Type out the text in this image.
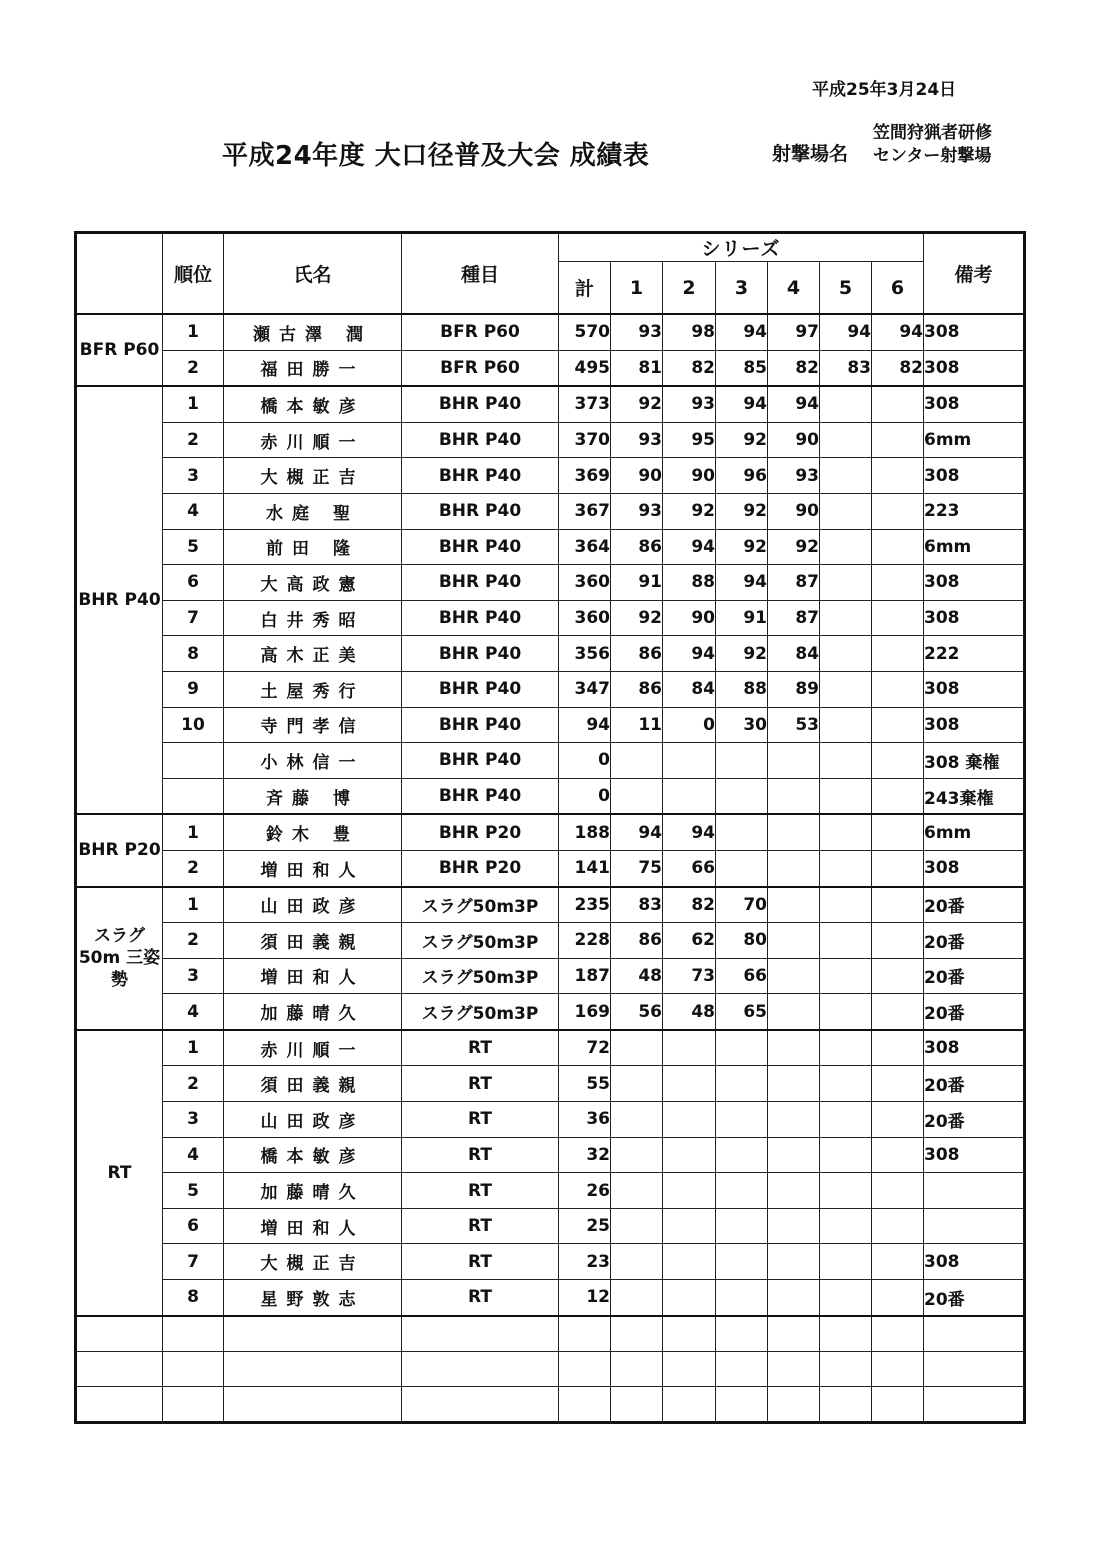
平成25年3月24日
平成24年度 大口径普及大会 成績表	射撃場名
笠間狩猟者研修
センター射撃場
	順位	氏名	種目	シリーズ							備考
				計	1	2	3	4	5	6	
BFR P60	1	瀬古澤 潤	BFR P60	570	93	98	94	97	94	94	308
	2	福田勝一	BFR P60	495	81	82	85	82	83	82	308
BHR P40	1	橋本敏彦	BHR P40	373	92	93	94	94			308
	2	赤川順一	BHR P40	370	93	95	92	90			6mm
	3	大槻正吉	BHR P40	369	90	90	96	93			308
	4	水庭 聖	BHR P40	367	93	92	92	90			223
	5	前田 隆	BHR P40	364	86	94	92	92			6mm
	6	大高政憲	BHR P40	360	91	88	94	87			308
	7	白井秀昭	BHR P40	360	92	90	91	87			308
	8	高木正美	BHR P40	356	86	94	92	84			222
	9	土屋秀行	BHR P40	347	86	84	88	89			308
	10	寺門孝信	BHR P40	94	11	0	30	53			308
		小林信一	BHR P40	0							308 棄権
		斉藤 博	BHR P40	0							243棄権
BHR P20	1	鈴木 豊	BHR P20	188	94	94					6mm
	2	増田和人	BHR P20	141	75	66					308
スラグ 50m 三姿勢	1	山田政彦	スラグ50m3P	235	83	82	70				20番
	2	須田義親	スラグ50m3P	228	86	62	80				20番
	3	増田和人	スラグ50m3P	187	48	73	66				20番
	4	加藤晴久	スラグ50m3P	169	56	48	65				20番
RT	1	赤川順一	RT	72							308
	2	須田義親	RT	55							20番
	3	山田政彦	RT	36							20番
	4	橋本敏彦	RT	32							308
	5	加藤晴久	RT	26							
	6	増田和人	RT	25							
	7	大槻正吉	RT	23							308
	8	星野敦志	RT	12							20番
